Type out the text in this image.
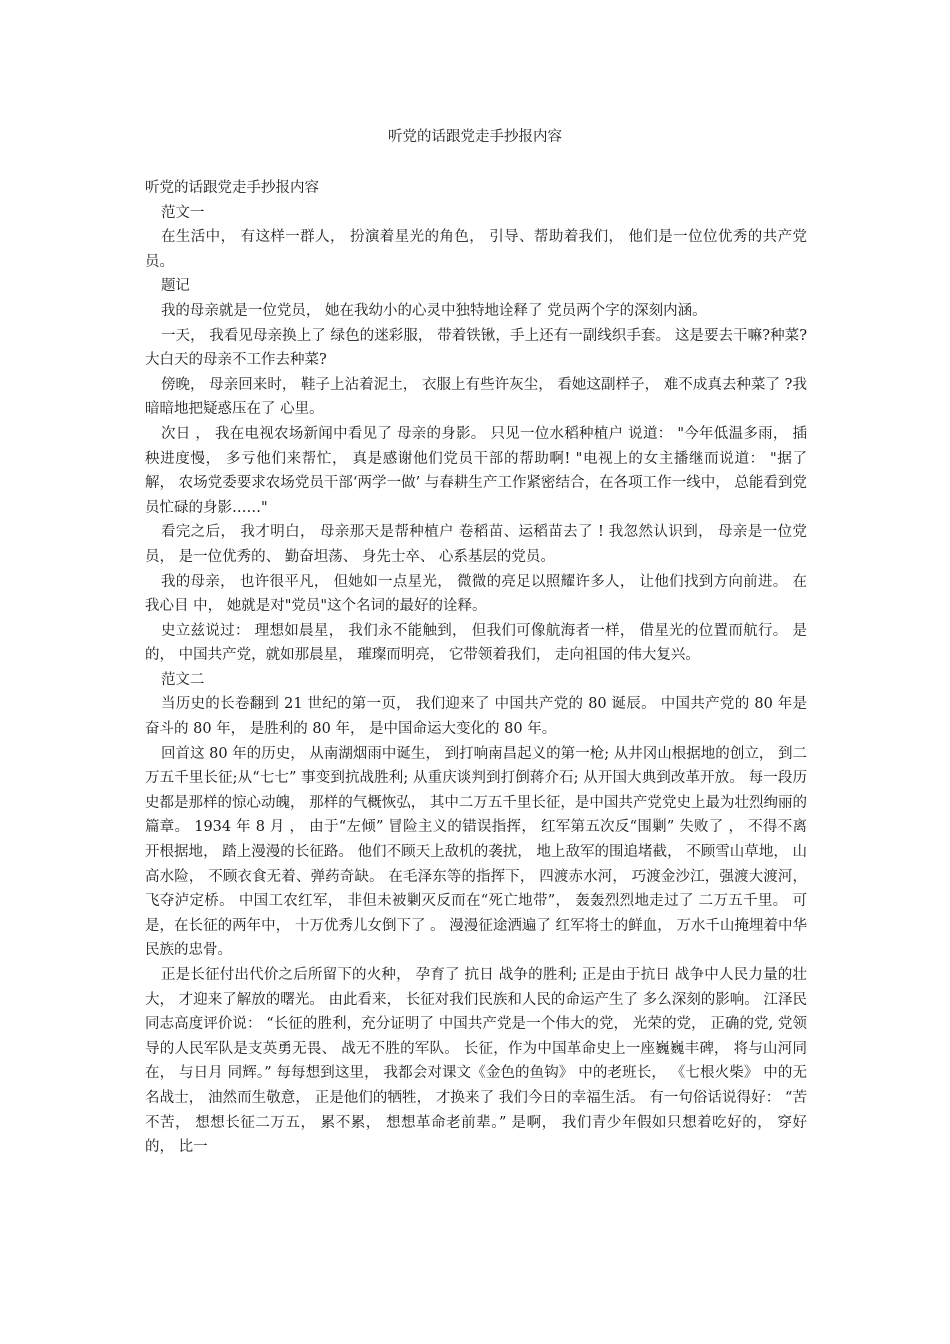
听党的话跟党走手抄报内容

听党的话跟党走手抄报内容

范文一

在生活中， 有这样一群人， 扮演着星光的角色， 引导、帮助着我们， 他们是一位位优秀的共产党员。

题记

我的母亲就是一位党员， 她在我幼小的心灵中独特地诠释了 党员两个字的深刻内涵。

一天， 我看见母亲换上了 绿色的迷彩服， 带着铁锹，手上还有一副线织手套。 这是要去干嘛?种菜?大白天的母亲不工作去种菜?

傍晚， 母亲回来时， 鞋子上沾着泥土， 衣服上有些许灰尘， 看她这副样子， 难不成真去种菜了 ?我暗暗地把疑惑压在了 心里。

次日 ， 我在电视农场新闻中看见了 母亲的身影。 只见一位水稻种植户 说道： "今年低温多雨， 插秧进度慢， 多亏他们来帮忙， 真是感谢他们党员干部的帮助啊! "电视上的女主播继而说道： "据了 解， 农场党委要求农场党员干部‘两学一做’ 与春耕生产工作紧密结合，在各项工作一线中， 总能看到党员忙碌的身影……"

看完之后， 我才明白， 母亲那天是帮种植户 卷稻苗、运稻苗去了 ! 我忽然认识到， 母亲是一位党员， 是一位优秀的、 勤奋坦荡、 身先士卒、 心系基层的党员。

我的母亲， 也许很平凡， 但她如一点星光， 微微的亮足以照耀许多人， 让他们找到方向前进。 在我心目 中， 她就是对"党员"这个名词的最好的诠释。

史立兹说过： 理想如晨星， 我们永不能触到， 但我们可像航海者一样， 借星光的位置而航行。 是的， 中国共产党，就如那晨星， 璀璨而明亮， 它带领着我们， 走向祖国的伟大复兴。

范文二

当历史的长卷翻到 21 世纪的第一页， 我们迎来了 中国共产党的 80 诞辰。 中国共产党的 80 年是奋斗的 80 年， 是胜利的 80 年， 是中国命运大变化的 80 年。

回首这 80 年的历史， 从南湖烟雨中诞生， 到打响南昌起义的第一枪; 从井冈山根据地的创立， 到二万五千里长征;从“七七” 事变到抗战胜利; 从重庆谈判到打倒蒋介石; 从开国大典到改革开放。 每一段历史都是那样的惊心动魄， 那样的气概恢弘， 其中二万五千里长征，是中国共产党党史上最为壮烈绚丽的篇章。 1934 年 8 月 ， 由于“左倾” 冒险主义的错误指挥， 红军第五次反“围剿” 失败了 ， 不得不离开根据地， 踏上漫漫的长征路。 他们不顾天上敌机的袭扰， 地上敌军的围追堵截， 不顾雪山草地， 山高水险， 不顾衣食无着、弹药奇缺。 在毛泽东等的指挥下， 四渡赤水河， 巧渡金沙江，强渡大渡河， 飞夺泸定桥。 中国工农红军， 非但未被剿灭反而在“死亡地带”， 轰轰烈烈地走过了 二万五千里。 可是，在长征的两年中， 十万优秀儿女倒下了 。 漫漫征途洒遍了 红军将士的鲜血， 万水千山掩埋着中华民族的忠骨。

正是长征付出代价之后所留下的火种， 孕育了 抗日 战争的胜利; 正是由于抗日 战争中人民力量的壮大， 才迎来了解放的曙光。 由此看来， 长征对我们民族和人民的命运产生了 多么深刻的影响。 江泽民同志高度评价说： “长征的胜利，充分证明了 中国共产党是一个伟大的党， 光荣的党， 正确的党, 党领导的人民军队是支英勇无畏、 战无不胜的军队。 长征，作为中国革命史上一座巍巍丰碑， 将与山河同在， 与日月 同辉。” 每每想到这里， 我都会对课文《金色的鱼钩》 中的老班长， 《七根火柴》 中的无名战士， 油然而生敬意， 正是他们的牺牲， 才换来了 我们今日的幸福生活。 有一句俗话说得好： “苦不苦， 想想长征二万五， 累不累， 想想革命老前辈。” 是啊， 我们青少年假如只想着吃好的， 穿好的， 比一
